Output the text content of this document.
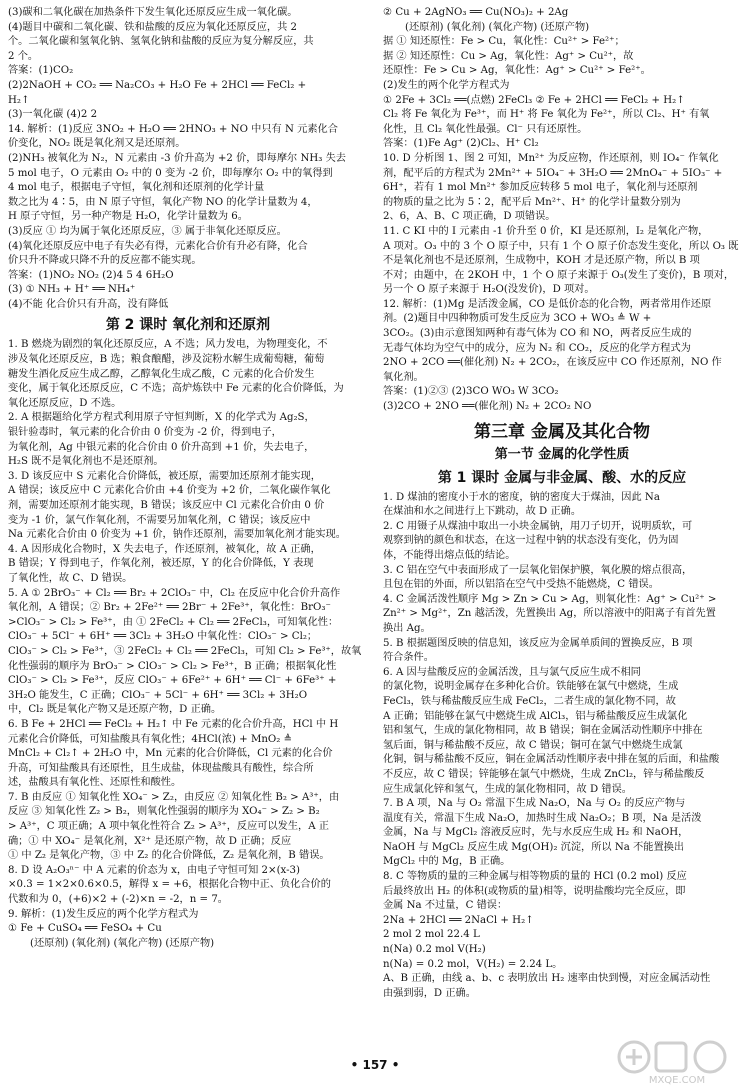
(3)碳和二氧化碳在加热条件下发生氧化还原反应生成一氧化碳。
(4)题目中碳和二氧化碳、铁和盐酸的反应为氧化还原反应，共 2
个。二氧化碳和氢氧化钠、氢氧化钠和盐酸的反应为复分解反应，共
2 个。
答案：(1)CO₂
(2)2NaOH + CO₂ ══ Na₂CO₃ + H₂O Fe + 2HCl ══ FeCl₂ +
H₂↑
(3)一氧化碳 (4)2 2
14. 解析：(1)反应 3NO₂ + H₂O ══ 2HNO₃ + NO 中只有 N 元素化合
价变化，NO₂ 既是氧化剂又是还原剂。
(2)NH₃ 被氧化为 N₂，N 元素由 -3 价升高为 +2 价，即每摩尔 NH₃ 失去
5 mol 电子，O 元素由 O₂ 中的 0 变为 -2 价，即每摩尔 O₂ 中的氧得到
4 mol 电子，根据电子守恒，氧化剂和还原剂的化学计量
数之比为 4∶5，由 N 原子守恒，氧化产物 NO 的化学计量数为 4，
H 原子守恒，另一种产物是 H₂O，化学计量数为 6。
(3)反应 ① 均为属于氧化还原反应，③ 属于非氧化还原反应。
(4)氧化还原反应中电子有失必有得，元素化合价有升必有降，化合
价只升不降或只降不升的反应都不能实现。
答案：(1)NO₂ NO₂ (2)4 5 4 6H₂O
(3) ① NH₃ + H⁺ ══ NH₄⁺
(4)不能 化合价只有升高，没有降低
第 2 课时 氧化剂和还原剂
1. B 燃烧为剧烈的氧化还原反应，A 不选；风力发电，为物理变化，不
涉及氧化还原反应，B 选；粮食酿醋，涉及淀粉水解生成葡萄糖，葡萄
糖发生酒化反应生成乙醇，乙醇氧化生成乙酸，C 元素的化合价发生
变化，属于氧化还原反应，C 不选；高炉炼铁中 Fe 元素的化合价降低，为
氧化还原反应，D 不选。
2. A 根据题给化学方程式利用原子守恒判断，X 的化学式为 Ag₂S，
银针验毒时，氧元素的化合价由 0 价变为 -2 价，得到电子，
为氧化剂，Ag 中银元素的化合价由 0 价升高到 +1 价，失去电子，
H₂S 既不是氧化剂也不是还原剂。
3. D 该反应中 S 元素化合价降低，被还原，需要加还原剂才能实现，
A 错误；该反应中 C 元素化合价由 +4 价变为 +2 价，二氧化碳作氧化
剂，需要加还原剂才能实现，B 错误；该反应中 Cl 元素化合价由 0 价
变为 -1 价，氯气作氧化剂，不需要另加氧化剂，C 错误；该反应中
Na 元素化合价由 0 价变为 +1 价，钠作还原剂，需要加氧化剂才能实现。
4. A 因形成化合物时，X 失去电子，作还原剂，被氧化，故 A 正确，
B 错误；Y 得到电子，作氧化剂，被还原，Y 的化合价降低，Y 表现
了氧化性，故 C、D 错误。
5. A ① 2BrO₃⁻ + Cl₂ ══ Br₂ + 2ClO₃⁻ 中，Cl₂ 在反应中化合价升高作
氧化剂，A 错误；② Br₂ + 2Fe²⁺ ══ 2Br⁻ + 2Fe³⁺，氧化性：BrO₃⁻
>ClO₃⁻ > Cl₂ > Fe³⁺，由 ① 2FeCl₂ + Cl₂ ══ 2FeCl₃，可知氧化性：
ClO₃⁻ + 5Cl⁻ + 6H⁺ ══ 3Cl₂ + 3H₂O 中氧化性：ClO₃⁻ > Cl₂；
ClO₃⁻ > Cl₂ > Fe³⁺，③ 2FeCl₂ + Cl₂ ══ 2FeCl₃，可知 Cl₂ > Fe³⁺，故氧
化性强弱的顺序为 BrO₃⁻ > ClO₃⁻ > Cl₂ > Fe³⁺，B 正确；根据氧化性
ClO₃⁻ > Cl₂ > Fe³⁺，反应 ClO₃⁻ + 6Fe²⁺ + 6H⁺ ══ Cl⁻ + 6Fe³⁺ +
3H₂O 能发生，C 正确；ClO₃⁻ + 5Cl⁻ + 6H⁺ ══ 3Cl₂ + 3H₂O
中，Cl₂ 既是氧化产物又是还原产物，D 正确。
6. B Fe + 2HCl ══ FeCl₂ + H₂↑ 中 Fe 元素的化合价升高，HCl 中 H
元素化合价降低，可知盐酸具有氧化性；4HCl(浓) + MnO₂ ≜
MnCl₂ + Cl₂↑ + 2H₂O 中，Mn 元素的化合价降低，Cl 元素的化合价
升高，可知盐酸具有还原性，且生成盐，体现盐酸具有酸性，综合所
述，盐酸具有氧化性、还原性和酸性。
7. B 由反应 ① 知氧化性 XO₄⁻ > Z₂，由反应 ② 知氧化性 B₂ > A³⁺，由
反应 ③ 知氧化性 Z₂ > B₂，则氧化性强弱的顺序为 XO₄⁻ > Z₂ > B₂
> A³⁺，C 项正确；A 项中氧化性符合 Z₂ > A³⁺，反应可以发生，A 正
确；① 中 XO₄⁻ 是氧化剂，X²⁺ 是还原产物，故 D 正确；反应
① 中 Z₂ 是氧化产物，③ 中 Z₂ 的化合价降低，Z₂ 是氧化剂，B 错误。
8. D 设 A₂O₃ⁿ⁻ 中 A 元素的价态为 x，由电子守恒可知 2×(x-3)
×0.3 = 1×2×0.6×0.5，解得 x = +6，根据化合物中正、负化合价的
代数和为 0，(+6)×2 + (-2)×n = -2，n = 7。
9. 解析：(1)发生反应的两个化学方程式为
① Fe + CuSO₄ ══ FeSO₄ + Cu
(还原剂) (氧化剂) (氧化产物) (还原产物)
② Cu + 2AgNO₃ ══ Cu(NO₃)₂ + 2Ag
(还原剂) (氧化剂) (氧化产物) (还原产物)
据 ① 知还原性：Fe > Cu，氧化性：Cu²⁺ > Fe²⁺；
据 ② 知还原性：Cu > Ag，氧化性：Ag⁺ > Cu²⁺，故
还原性：Fe > Cu > Ag，氧化性：Ag⁺ > Cu²⁺ > Fe²⁺。
(2)发生的两个化学方程式为
① 2Fe + 3Cl₂ ══(点燃) 2FeCl₃ ② Fe + 2HCl ══ FeCl₂ + H₂↑
Cl₂ 将 Fe 氧化为 Fe³⁺，而 H⁺ 将 Fe 氧化为 Fe²⁺，所以 Cl₂、H⁺ 有氧
化性，且 Cl₂ 氧化性最强。Cl⁻ 只有还原性。
答案：(1)Fe Ag⁺ (2)Cl₂、H⁺ Cl₂
10. D 分析图 1、图 2 可知，Mn²⁺ 为反应物，作还原剂，则 IO₄⁻ 作氧化
剂，配平后的方程式为 2Mn²⁺ + 5IO₄⁻ + 3H₂O ══ 2MnO₄⁻ + 5IO₃⁻ +
6H⁺，若有 1 mol Mn²⁺ 参加反应转移 5 mol 电子，氧化剂与还原剂
的物质的量之比为 5∶2，配平后 Mn²⁺、H⁺ 的化学计量数分别为
2、6，A、B、C 项正确，D 项错误。
11. C KI 中的 I 元素由 -1 价升至 0 价，KI 是还原剂，I₂ 是氧化产物，
A 项对。O₃ 中的 3 个 O 原子中，只有 1 个 O 原子价态发生变化，所以 O₃ 既
不是氧化剂也不是还原剂，生成物中，KOH 才是还原产物，所以 B 项
不对；由题中，在 2KOH 中，1 个 O 原子来源于 O₃(发生了变价)，B 项对，
另一个 O 原子来源于 H₂O(没发价)，D 项对。
12. 解析：(1)Mg 是活泼金属，CO 是低价态的化合物，两者常用作还原
剂。(2)题目中四种物质可发生反应为 3CO + WO₃ ≜ W +
3CO₂。(3)由示意图知两种有毒气体为 CO 和 NO，两者反应生成的
无毒气体均为空气中的成分，应为 N₂ 和 CO₂，反应的化学方程式为
2NO + 2CO ══(催化剂) N₂ + 2CO₂，在该反应中 CO 作还原剂，NO 作
氧化剂。
答案：(1)②③ (2)3CO WO₃ W 3CO₂
(3)2CO + 2NO ══(催化剂) N₂ + 2CO₂ NO
第三章 金属及其化合物
第一节 金属的化学性质
第 1 课时 金属与非金属、酸、水的反应
1. D 煤油的密度小于水的密度，钠的密度大于煤油，因此 Na
在煤油和水之间进行上下跳动，故 D 正确。
2. C 用镊子从煤油中取出一小块金属钠，用刀子切开，说明质软，可
观察到钠的颜色和状态，在这一过程中钠的状态没有变化，仍为固
体，不能得出熔点低的结论。
3. C 铝在空气中表面形成了一层氧化铝保护膜，氧化膜的熔点很高，
且包在铝的外面，所以铝箔在空气中受热不能燃烧，C 错误。
4. C 金属活泼性顺序 Mg > Zn > Cu > Ag，则氧化性：Ag⁺ > Cu²⁺ >
Zn²⁺ > Mg²⁺，Zn 越活泼，先置换出 Ag，所以溶液中的阳离子有首先置
换出 Ag。
5. B 根据题图反映的信息知，该反应为金属单质间的置换反应，B 项
符合条件。
6. A 因与盐酸反应的金属活泼，且与氯气反应生成不相同
的氯化物，说明金属存在多种化合价。铁能够在氯气中燃烧，生成
FeCl₃，铁与稀盐酸反应生成 FeCl₂，二者生成的氯化物不同，故
A 正确；铝能够在氯气中燃烧生成 AlCl₃，铝与稀盐酸反应生成氯化
铝和氢气，生成的氯化物相同，故 B 错误；铜在金属活动性顺序中排在
氢后面，铜与稀盐酸不反应，故 C 错误；铜可在氯气中燃烧生成氯
化铜，铜与稀盐酸不反应，铜在金属活动性顺序表中排在氢的后面，和盐酸
不反应，故 C 错误；锌能够在氯气中燃烧，生成 ZnCl₂，锌与稀盐酸反
应生成氯化锌和氢气，生成的氯化物相同，故 D 错误。
7. B A 项，Na 与 O₂ 常温下生成 Na₂O，Na 与 O₂ 的反应产物与
温度有关，常温下生成 Na₂O，加热时生成 Na₂O₂；B 项，Na 是活泼
金属，Na 与 MgCl₂ 溶液反应时，先与水反应生成 H₂ 和 NaOH，
NaOH 与 MgCl₂ 反应生成 Mg(OH)₂ 沉淀，所以 Na 不能置换出
MgCl₂ 中的 Mg，B 正确。
8. C 等物质的量的三种金属与相等物质的量的 HCl (0.2 mol) 反应
后最终放出 H₂ 的体积(或物质的量)相等，说明盐酸均完全反应，即
金属 Na 不过量，C 错误：
2Na + 2HCl ══ 2NaCl + H₂↑
2 mol 2 mol 22.4 L
n(Na) 0.2 mol V(H₂)
n(Na) = 0.2 mol，V(H₂) = 2.24 L。
A、B 正确，由线 a、b、c 表明放出 H₂ 速率由快到慢，对应金属活动性
由强到弱，D 正确。
• 157 •
MXQE.COM
